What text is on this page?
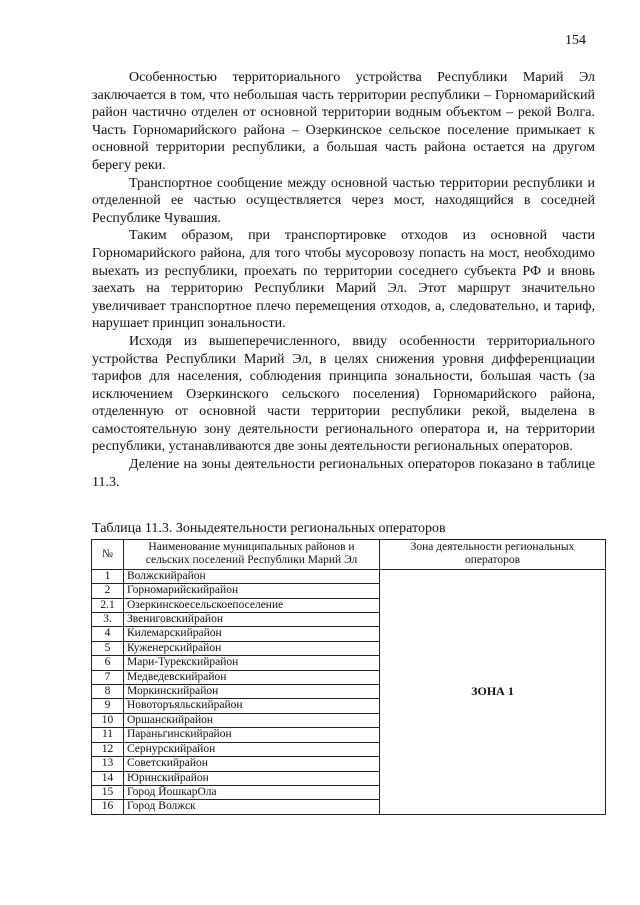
154

Особенностью территориального устройства Республики Марий Эл заключается в том, что небольшая часть территории республики – Горномарийский район частично отделен от основной территории водным объектом – рекой Волга. Часть Горномарийского района – Озеркинское сельское поселение примыкает к основной территории республики, а большая часть района остается на другом берегу реки.

Транспортное сообщение между основной частью территории республики и отделенной ее частью осуществляется через мост, находящийся в соседней Республике Чувашия.

Таким образом, при транспортировке отходов из основной части Горномарийского района, для того чтобы мусоровозу попасть на мост, необходимо выехать из республики, проехать по территории соседнего субъекта РФ и вновь заехать на территорию Республики Марий Эл. Этот маршрут значительно увеличивает транспортное плечо перемещения отходов, а, следовательно, и тариф, нарушает принцип зональности.

Исходя из вышеперечисленного, ввиду особенности территориального устройства Республики Марий Эл, в целях снижения уровня дифференциации тарифов для населения, соблюдения принципа зональности, большая часть (за исключением Озеркинского сельского поселения) Горномарийского района, отделенную от основной части территории республики рекой, выделена в самостоятельную зону деятельности регионального оператора и, на территории республики, устанавливаются две зоны деятельности региональных операторов.

Деление на зоны деятельности региональных операторов показано в таблице 11.3.

Таблица 11.3. Зоныдеятельности региональных операторов
№	Наименование муниципальных районов и сельских поселений Республики Марий Эл	Зона деятельности региональных операторов
1	Волжскийрайон	ЗОНА 1
2	Горномарийскийрайон	
2.1	Озеркинскоесельскоепоселение	
3.	Звениговскийрайон	
4	Килемарскийрайон	
5	Куженерскийрайон	
6	Мари-Турекскийрайон	
7	Медведевскийрайон	
8	Моркинскийрайон	
9	Новоторъяльскийрайон	
10	Оршанскийрайон	
11	Параньгинскийрайон	
12	Сернурскийрайон	
13	Советскийрайон	
14	Юринскийрайон	
15	Город ЙошкарОла	
16	Город Волжск	
